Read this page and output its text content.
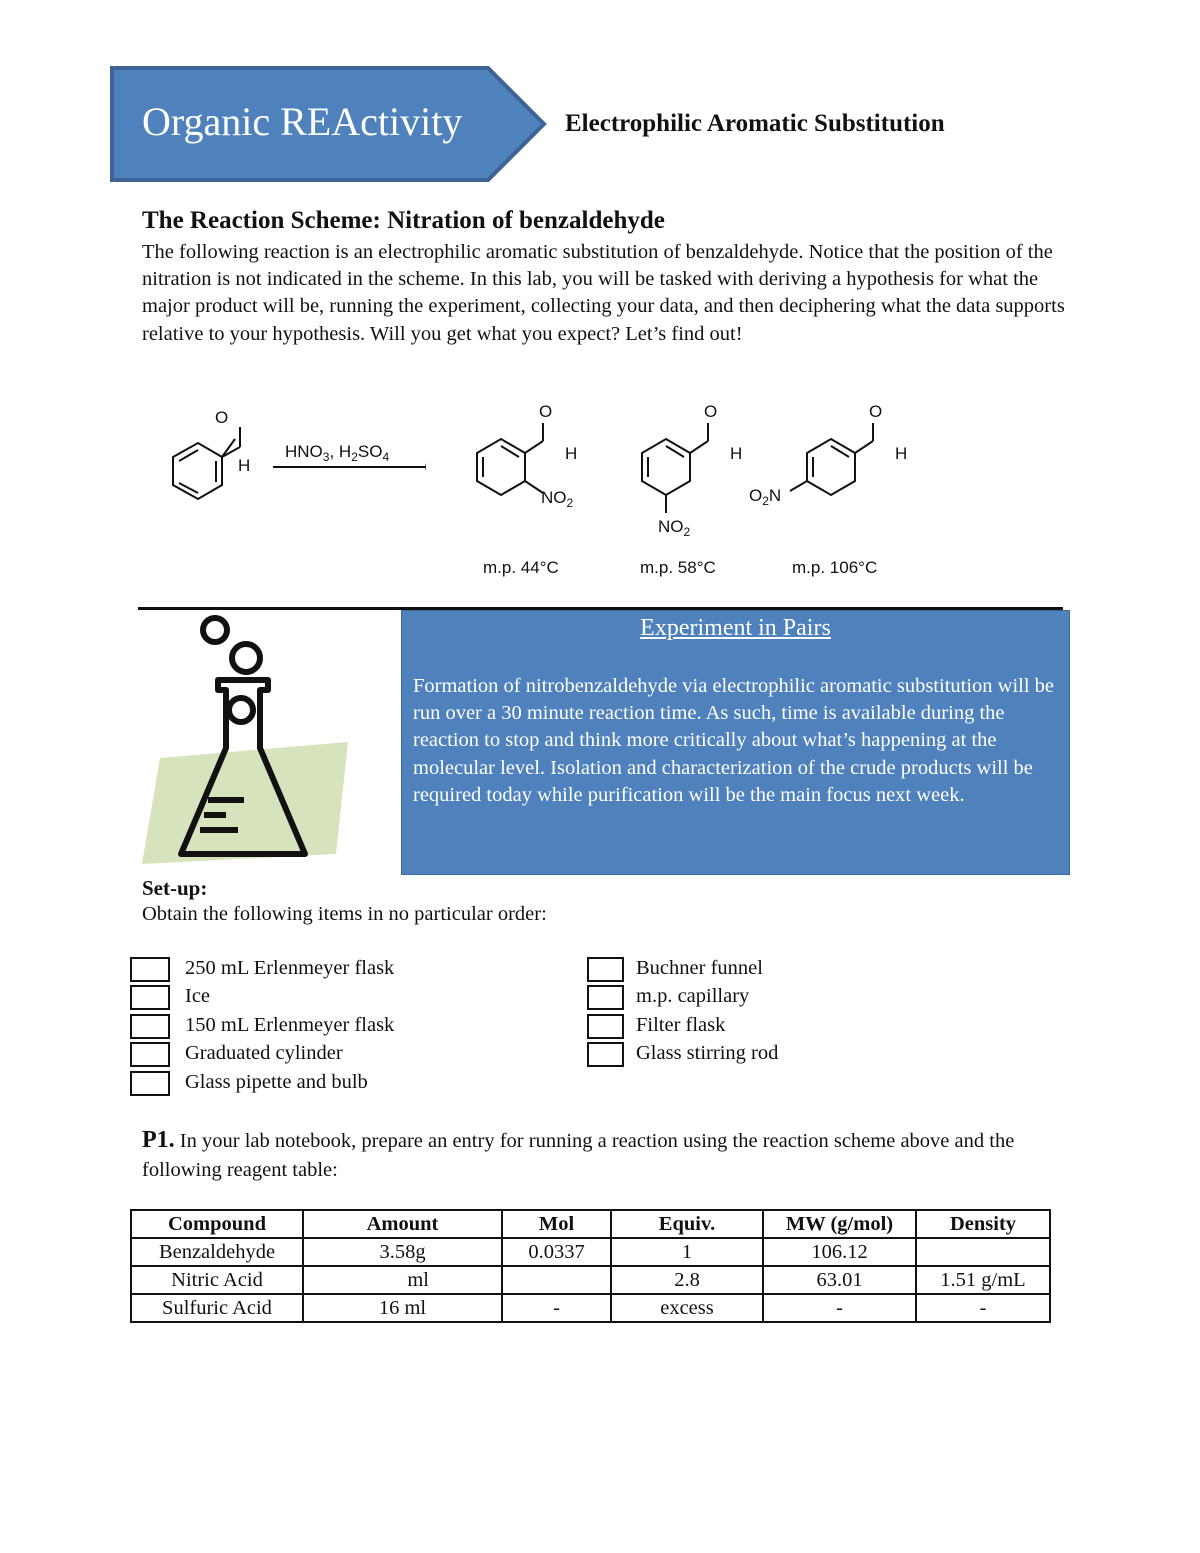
Organic REActivity	Electrophilic Aromatic Substitution
The Reaction Scheme: Nitration of benzaldehyde
The following reaction is an electrophilic aromatic substitution of benzaldehyde. Notice that the position of the nitration is not indicated in the scheme. In this lab, you will be tasked with deriving a hypothesis for what the major product will be, running the experiment, collecting your data, and then deciphering what the data supports relative to your hypothesis. Will you get what you expect? Let’s find out!
O
H
$HNO_3$, $H_2SO_4$
O
H
$NO_2$
O
H
$NO_2$
O
H
$O_2N$
m.p. 44°C	m.p. 58°C	m.p. 106°C
Experiment in Pairs
Formation of nitrobenzaldehyde via electrophilic aromatic substitution will be run over a 30 minute reaction time. As such, time is available during the reaction to stop and think more critically about what’s happening at the molecular level. Isolation and characterization of the crude products will be required today while purification will be the main focus next week.
Set-up:
Obtain the following items in no particular order:
250 mL Erlenmeyer flask
Ice
150 mL Erlenmeyer flask
Graduated cylinder
Glass pipette and bulb
Buchner funnel
m.p. capillary
Filter flask
Glass stirring rod
P1. In your lab notebook, prepare an entry for running a reaction using the reaction scheme above and the following reagent table:
Compound	Amount	Mol	Equiv.	MW (g/mol)	Density
Benzaldehyde	3.58g	0.0337	1	106.12	
Nitric Acid	ml		2.8	63.01	1.51 g/mL
Sulfuric Acid	16 ml	-	excess	-	-
